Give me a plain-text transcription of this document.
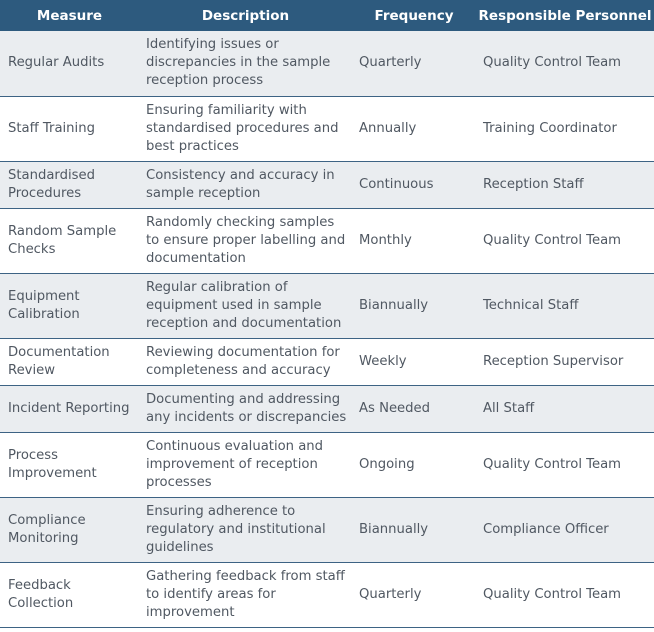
Measure	Description	Frequency	Responsible Personnel
Regular Audits	Identifying issues or discrepancies in the sample reception process	Quarterly	Quality Control Team
Staff Training	Ensuring familiarity with standardised procedures and best practices	Annually	Training Coordinator
Standardised Procedures	Consistency and accuracy in sample reception	Continuous	Reception Staff
Random Sample Checks	Randomly checking samples to ensure proper labelling and documentation	Monthly	Quality Control Team
Equipment Calibration	Regular calibration of equipment used in sample reception and documentation	Biannually	Technical Staff
Documentation Review	Reviewing documentation for completeness and accuracy	Weekly	Reception Supervisor
Incident Reporting	Documenting and addressing any incidents or discrepancies	As Needed	All Staff
Process Improvement	Continuous evaluation and improvement of reception processes	Ongoing	Quality Control Team
Compliance Monitoring	Ensuring adherence to regulatory and institutional guidelines	Biannually	Compliance Officer
Feedback Collection	Gathering feedback from staff to identify areas for improvement	Quarterly	Quality Control Team
